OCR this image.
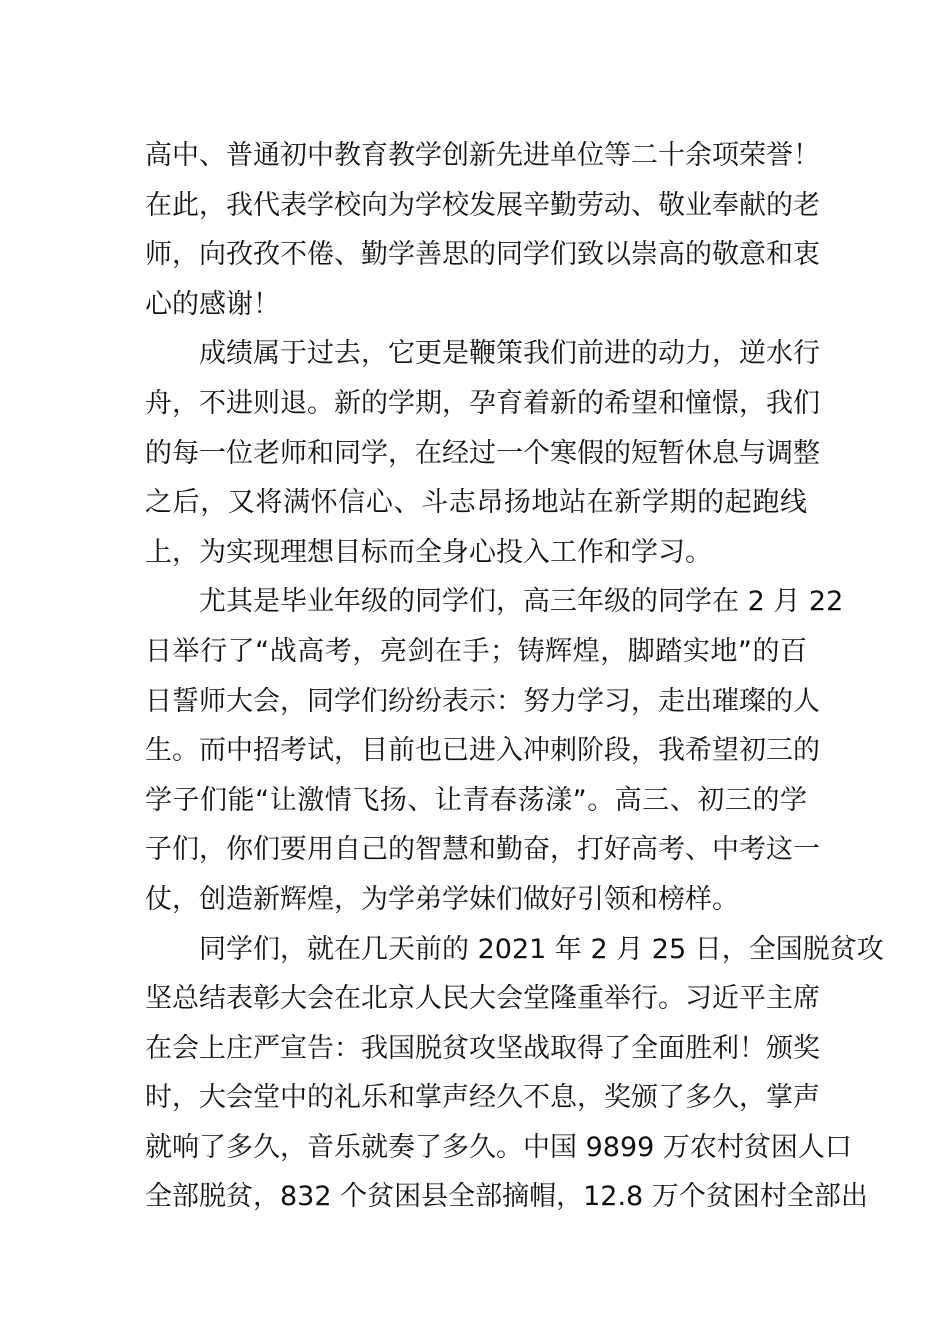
高中、普通初中教育教学创新先进单位等二十余项荣誉！
在此，我代表学校向为学校发展辛勤劳动、敬业奉献的老
师，向孜孜不倦、勤学善思的同学们致以崇高的敬意和衷
心的感谢！
成绩属于过去，它更是鞭策我们前进的动力，逆水行
舟，不进则退。新的学期，孕育着新的希望和憧憬，我们
的每一位老师和同学，在经过一个寒假的短暂休息与调整
之后，又将满怀信心、斗志昂扬地站在新学期的起跑线
上，为实现理想目标而全身心投入工作和学习。
尤其是毕业年级的同学们，高三年级的同学在 2 月 22
日举行了“战高考，亮剑在手；铸辉煌，脚踏实地”的百
日誓师大会，同学们纷纷表示：努力学习，走出璀璨的人
生。而中招考试，目前也已进入冲刺阶段，我希望初三的
学子们能“让激情飞扬、让青春荡漾”。高三、初三的学
子们，你们要用自己的智慧和勤奋，打好高考、中考这一
仗，创造新辉煌，为学弟学妹们做好引领和榜样。
同学们，就在几天前的 2021 年 2 月 25 日，全国脱贫攻
坚总结表彰大会在北京人民大会堂隆重举行。习近平主席
在会上庄严宣告：我国脱贫攻坚战取得了全面胜利！颁奖
时，大会堂中的礼乐和掌声经久不息，奖颁了多久，掌声
就响了多久，音乐就奏了多久。中国 9899 万农村贫困人口
全部脱贫，832 个贫困县全部摘帽，12.8 万个贫困村全部出
